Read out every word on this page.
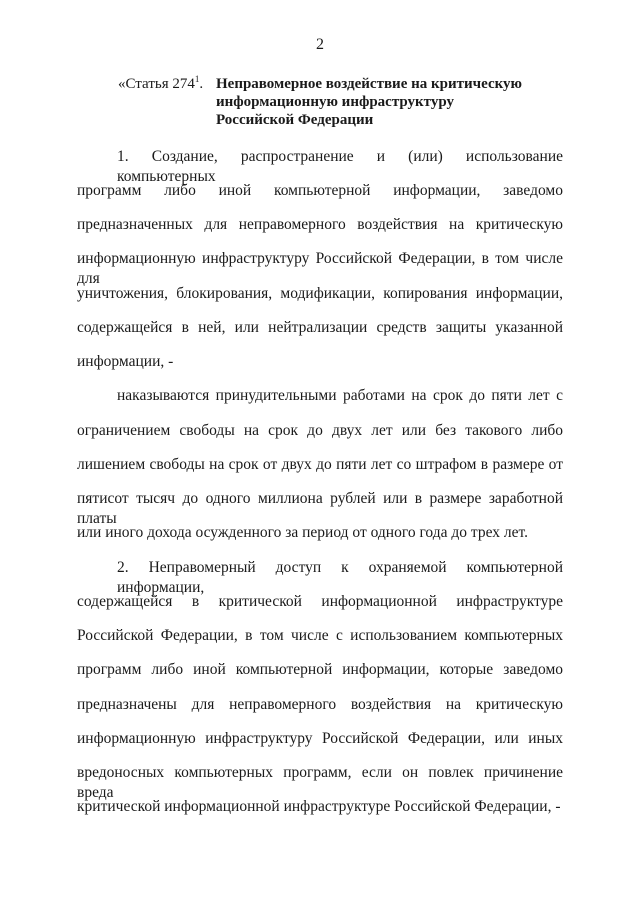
2
«Статья $274^1$. Неправомерное воздействие на критическую
информационную инфраструктуру
Российской Федерации
1. Создание, распространение и (или) использование компьютерных
программ либо иной компьютерной информации, заведомо
предназначенных для неправомерного воздействия на критическую
информационную инфраструктуру Российской Федерации, в том числе для
уничтожения, блокирования, модификации, копирования информации,
содержащейся в ней, или нейтрализации средств защиты указанной
информации, -
наказываются принудительными работами на срок до пяти лет с
ограничением свободы на срок до двух лет или без такового либо
лишением свободы на срок от двух до пяти лет со штрафом в размере от
пятисот тысяч до одного миллиона рублей или в размере заработной платы
или иного дохода осужденного за период от одного года до трех лет.
2. Неправомерный доступ к охраняемой компьютерной информации,
содержащейся в критической информационной инфраструктуре
Российской Федерации, в том числе с использованием компьютерных
программ либо иной компьютерной информации, которые заведомо
предназначены для неправомерного воздействия на критическую
информационную инфраструктуру Российской Федерации, или иных
вредоносных компьютерных программ, если он повлек причинение вреда
критической информационной инфраструктуре Российской Федерации, -
